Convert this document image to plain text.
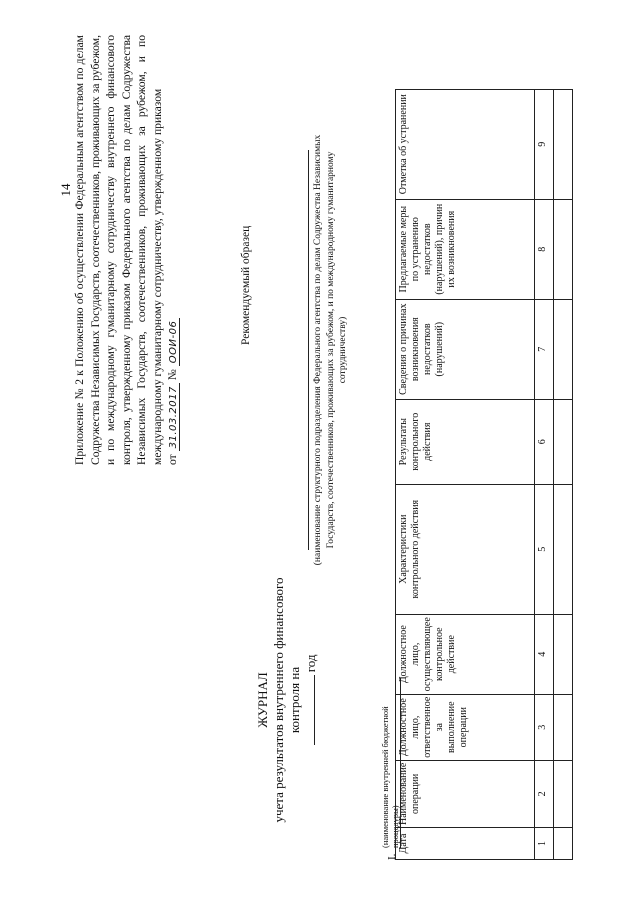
14 Приложение № 2 к Положению об осуществлении Федеральным агентством по делам Содружества Независимых Государств, соотечественников, проживающих за рубежом, и по международному гуманитарному сотрудничеству внутреннего финансового контроля, утвержденному приказом Федерального агентства по делам Содружества Независимых Государств, соотечественников, проживающих за рубежом, и по международному гуманитарному сотрудничеству, утвержденному приказом от 31.03.2017 № ООИ-06	Рекомендуемый образец
ЖУРНАЛ учета результатов внутреннего финансового контроля на
год
(наименование структурного подразделения Федерального агентства по делам Содружества Независимых Государств, соотечественников, проживающих за рубежом, и по международному гуманитарному сотрудничеству)
I.
(наименование внутренней бюджетной процедуры)
Дата	Наименование операции	Должностное лицо, ответственное за выполнение операции	Должностное лицо, осуществляющее контрольное действие	Характеристики контрольного действия	Результаты контрольного действия	Сведения о причинах возникновения недостатков (нарушений)	Предлагаемые меры по устранению недостатков (нарушений), причин их возникновения	Отметка об устранении
1	2	3	4	5	6	7	8	9
